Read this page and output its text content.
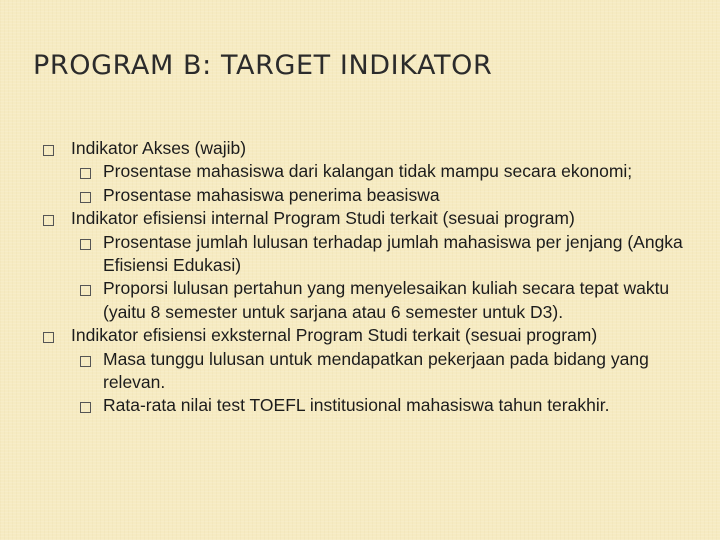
PROGRAM B: TARGET INDIKATOR
Indikator Akses (wajib)
Prosentase mahasiswa dari kalangan tidak mampu secara ekonomi;
Prosentase mahasiswa penerima beasiswa
Indikator efisiensi internal Program Studi terkait (sesuai program)
Prosentase jumlah lulusan terhadap jumlah mahasiswa per jenjang (Angka Efisiensi Edukasi)
Proporsi lulusan pertahun yang menyelesaikan kuliah secara tepat waktu (yaitu 8 semester untuk sarjana atau 6 semester untuk D3).
Indikator efisiensi exksternal Program Studi terkait (sesuai program)
Masa tunggu lulusan untuk mendapatkan pekerjaan pada bidang yang relevan.
Rata-rata nilai test TOEFL institusional mahasiswa tahun terakhir.
